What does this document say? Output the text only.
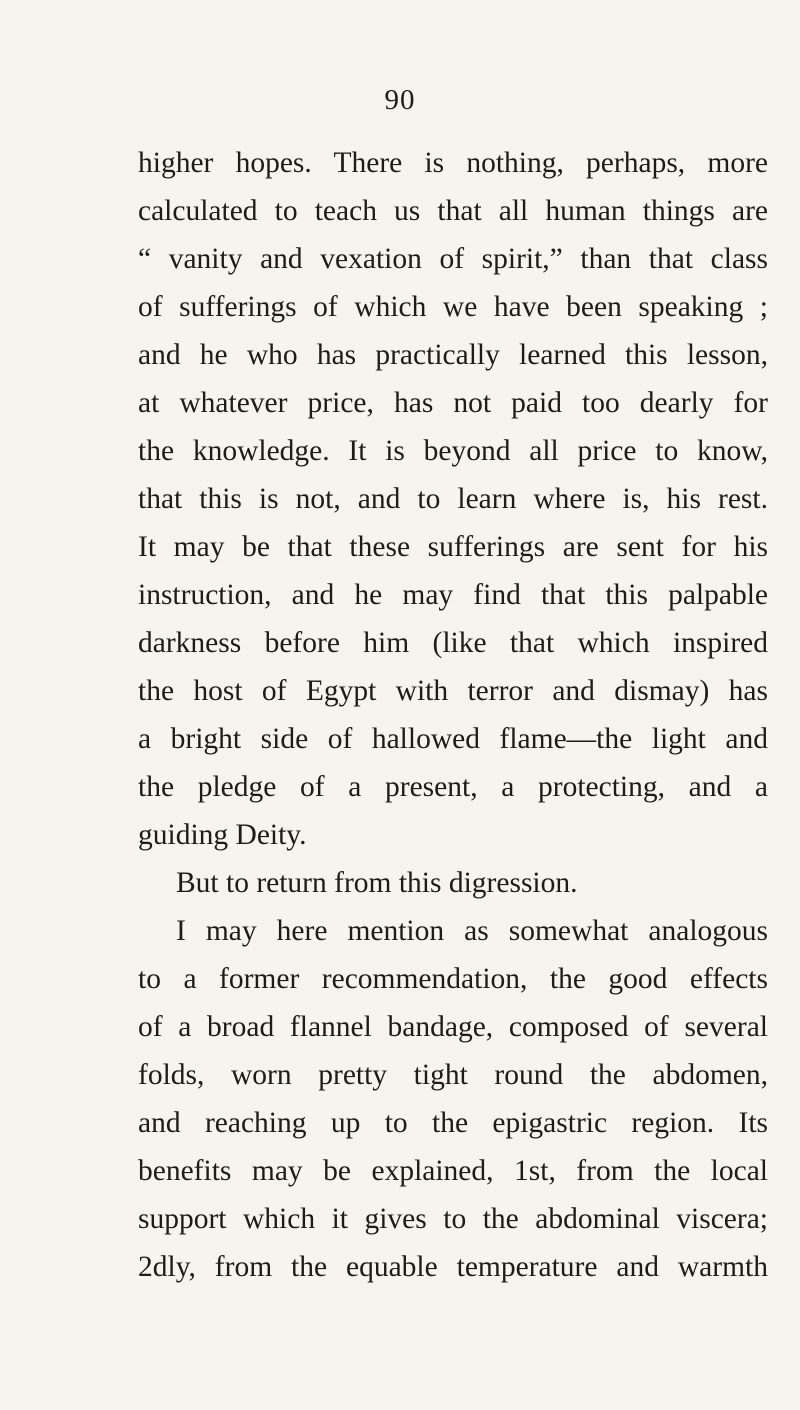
90
higher hopes. There is nothing, perhaps, more
calculated to teach us that all human things are
“ vanity and vexation of spirit,” than that class
of sufferings of which we have been speaking ;
and he who has practically learned this lesson,
at whatever price, has not paid too dearly for
the knowledge. It is beyond all price to know,
that this is not, and to learn where is, his rest.
It may be that these sufferings are sent for his
instruction, and he may find that this palpable
darkness before him (like that which inspired
the host of Egypt with terror and dismay) has
a bright side of hallowed flame—the light and
the pledge of a present, a protecting, and a
guiding Deity.
But to return from this digression.
I may here mention as somewhat analogous
to a former recommendation, the good effects
of a broad flannel bandage, composed of several
folds, worn pretty tight round the abdomen,
and reaching up to the epigastric region. Its
benefits may be explained, 1st, from the local
support which it gives to the abdominal viscera;
2dly, from the equable temperature and warmth
